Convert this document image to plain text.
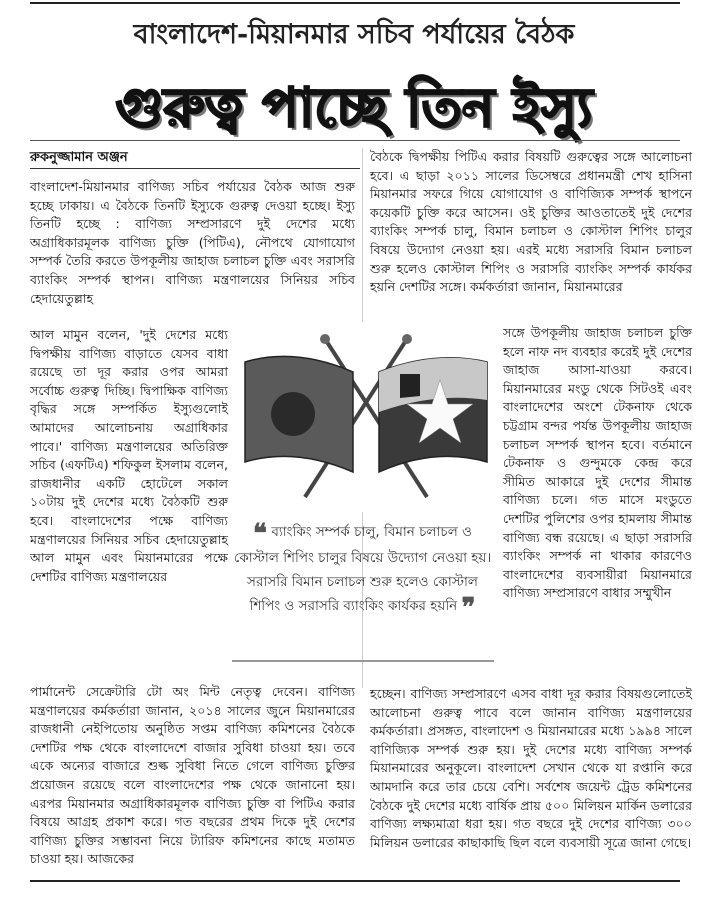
বাংলাদেশ-মিয়ানমার সচিব পর্যায়ের বৈঠক
গুরুত্ব পাচ্ছে তিন ইস্যু
রুকনুজ্জামান অঞ্জন

বাংলাদেশ-মিয়ানমার বাণিজ্য সচিব পর্যায়ের বৈঠক আজ শুরু হচ্ছে ঢাকায়। এ বৈঠকে তিনটি ইস্যুকে গুরুত্ব দেওয়া হচ্ছে। ইস্যু তিনটি হচ্ছে : বাণিজ্য সম্প্রসারণে দুই দেশের মধ্যে অগ্রাধিকারমূলক বাণিজ্য চুক্তি (পিটিএ), নৌপথে যোগাযোগ সম্পর্ক তৈরি করতে উপকূলীয় জাহাজ চলাচল চুক্তি এবং সরাসরি ব্যাংকিং সম্পর্ক স্থাপন। বাণিজ্য মন্ত্রণালয়ের সিনিয়র সচিব হেদায়েতুল্লাহ

আল মামুন বলেন, 'দুই দেশের মধ্যে দ্বিপক্ষীয় বাণিজ্য বাড়াতে যেসব বাধা রয়েছে তা দূর করার ওপর আমরা সর্বোচ্চ গুরুত্ব দিচ্ছি। দ্বিপাক্ষিক বাণিজ্য বৃদ্ধির সঙ্গে সম্পর্কিত ইস্যুগুলোই আমাদের আলোচনায় অগ্রাধিকার পাবে।' বাণিজ্য মন্ত্রণালয়ের অতিরিক্ত সচিব (এফটিএ) শফিকুল ইসলাম বলেন, রাজধানীর একটি হোটেলে সকাল ১০টায় দুই দেশের মধ্যে বৈঠকটি শুরু হবে। বাংলাদেশের পক্ষে বাণিজ্য মন্ত্রণালয়ের সিনিয়র সচিব হেদায়েতুল্লাহ আল মামুন এবং মিয়ানমারের পক্ষে দেশটির বাণিজ্য মন্ত্রণালয়ের

পার্মানেন্ট সেক্রেটারি টো অং মিন্ট নেতৃত্ব দেবেন। বাণিজ্য মন্ত্রণালয়ের কর্মকর্তারা জানান, ২০১৪ সালের জুনে মিয়ানমারের রাজধানী নেইপিতোয় অনুষ্ঠিত সপ্তম বাণিজ্য কমিশনের বৈঠকে দেশটির পক্ষ থেকে বাংলাদেশে বাজার সুবিধা চাওয়া হয়। তবে একে অন্যের বাজারে শুল্ক সুবিধা নিতে গেলে বাণিজ্য চুক্তির প্রয়োজন রয়েছে বলে বাংলাদেশের পক্ষ থেকে জানানো হয়। এরপর মিয়ানমার অগ্রাধিকারমূলক বাণিজ্য চুক্তি বা পিটিএ করার বিষয়ে আগ্রহ প্রকাশ করে। গত বছরের প্রথম দিকে দুই দেশের বাণিজ্য চুক্তির সম্ভাবনা নিয়ে ট্যারিফ কমিশনের কাছে মতামত চাওয়া হয়। আজকের

বৈঠকে দ্বিপক্ষীয় পিটিএ করার বিষয়টি গুরুত্বের সঙ্গে আলোচনা হবে। এ ছাড়া ২০১১ সালের ডিসেম্বরে প্রধানমন্ত্রী শেখ হাসিনা মিয়ানমার সফরে গিয়ে যোগাযোগ ও বাণিজ্যিক সম্পর্ক স্থাপনে কয়েকটি চুক্তি করে আসেন। ওই চুক্তির আওতাতেই দুই দেশের ব্যাংকিং সম্পর্ক চালু, বিমান চলাচল ও কোস্টাল শিপিং চালুর বিষয়ে উদ্যোগ নেওয়া হয়। এরই মধ্যে সরাসরি বিমান চলাচল শুরু হলেও কোস্টাল শিপিং ও সরাসরি ব্যাংকিং সম্পর্ক কার্যকর হয়নি দেশটির সঙ্গে। কর্মকর্তারা জানান, মিয়ানমারের

সঙ্গে উপকূলীয় জাহাজ চলাচল চুক্তি হলে নাফ নদ ব্যবহার করেই দুই দেশের জাহাজ আসা-যাওয়া করবে। মিয়ানমারের মংডু থেকে সিটওই এবং বাংলাদেশের অংশে টেকনাফ থেকে চট্টগ্রাম বন্দর পর্যন্ত উপকূলীয় জাহাজ চলাচল সম্পর্ক স্থাপন হবে। বর্তমানে টেকনাফ ও গুন্দুমকে কেন্দ্র করে সীমিত আকারে দুই দেশের সীমান্ত বাণিজ্য চলে। গত মাসে মংডুতে দেশটির পুলিশের ওপর হামলায় সীমান্ত বাণিজ্য বন্ধ রয়েছে। এ ছাড়া সরাসরি ব্যাংকিং সম্পর্ক না থাকার কারণেও বাংলাদেশের ব্যবসায়ীরা মিয়ানমারে বাণিজ্য সম্প্রসারণে বাধার সম্মুখীন

হচ্ছেন। বাণিজ্য সম্প্রসারণে এসব বাধা দূর করার বিষয়গুলোতেই আলোচনা গুরুত্ব পাবে বলে জানান বাণিজ্য মন্ত্রণালয়ের কর্মকর্তারা। প্রসঙ্গত, বাংলাদেশ ও মিয়ানমারের মধ্যে ১৯৯৪ সালে বাণিজ্যিক সম্পর্ক শুরু হয়। দুই দেশের মধ্যে বাণিজ্য সম্পর্ক মিয়ানমারের অনুকূলে। বাংলাদেশ সেখান থেকে যা রপ্তানি করে আমদানি করে তার চেয়ে বেশি। সর্বশেষ জয়েন্ট ট্রেড কমিশনের বৈঠকে দুই দেশের মধ্যে বার্ষিক প্রায় ৫০০ মিলিয়ন মার্কিন ডলারের বাণিজ্য লক্ষ্যমাত্রা ধরা হয়। গত বছরে দুই দেশের বাণিজ্য ৩০০ মিলিয়ন ডলারের কাছাকাছি ছিল বলে ব্যবসায়ী সূত্রে জানা গেছে।

❝ ব্যাংকিং সম্পর্ক চালু, বিমান চলাচল ও কোস্টাল শিপিং চালুর বিষয়ে উদ্যোগ নেওয়া হয়। সরাসরি বিমান চলাচল শুরু হলেও কোস্টাল শিপিং ও সরাসরি ব্যাংকিং কার্যকর হয়নি ❞
